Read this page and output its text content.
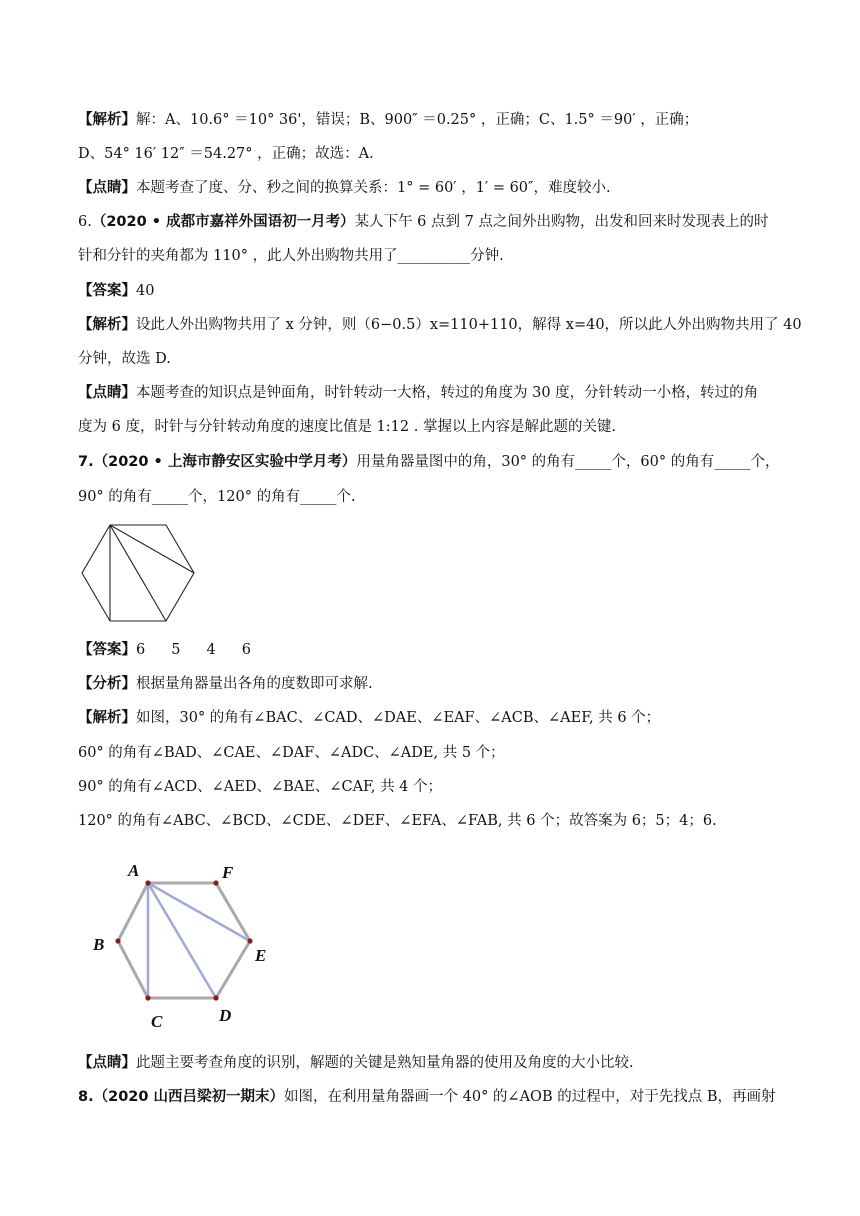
【解析】解：A、10.6° ＝10° 36'，错误；B、900″ ＝0.25° ，正确；C、1.5° ＝90′ ，正确；
D、54° 16′ 12″ ＝54.27° ，正确；故选：A.
【点睛】本题考查了度、分、秒之间的换算关系：1° = 60′ ，1′ = 60″，难度较小.
6.（2020 • 成都市嘉祥外国语初一月考）某人下午 6 点到 7 点之间外出购物，出发和回来时发现表上的时
针和分针的夹角都为 110° ，此人外出购物共用了__________分钟.
【答案】40
【解析】设此人外出购物共用了 x 分钟，则（6−0.5）x=110+110，解得 x=40，所以此人外出购物共用了 40
分钟，故选 D.
【点睛】本题考查的知识点是钟面角，时针转动一大格，转过的角度为 30 度，分针转动一小格，转过的角
度为 6 度，时针与分针转动角度的速度比值是 1:12 . 掌握以上内容是解此题的关键.
7.（2020 • 上海市静安区实验中学月考）用量角器量图中的角，30° 的角有_____个，60° 的角有_____个，
90° 的角有_____个，120° 的角有_____个.
【答案】6 5 4 6
【分析】根据量角器量出各角的度数即可求解.
【解析】如图，30° 的角有∠BAC、∠CAD、∠DAE、∠EAF、∠ACB、∠AEF, 共 6 个；
60° 的角有∠BAD、∠CAE、∠DAF、∠ADC、∠ADE, 共 5 个；
90° 的角有∠ACD、∠AED、∠BAE、∠CAF, 共 4 个；
120° 的角有∠ABC、∠BCD、∠CDE、∠DEF、∠EFA、∠FAB, 共 6 个；故答案为 6；5；4；6.
A	F
E
D
C
B
【点睛】此题主要考查角度的识别，解题的关键是熟知量角器的使用及角度的大小比较.
8.（2020 山西吕梁初一期末）如图，在利用量角器画一个 40° 的∠AOB 的过程中，对于先找点 B，再画射
